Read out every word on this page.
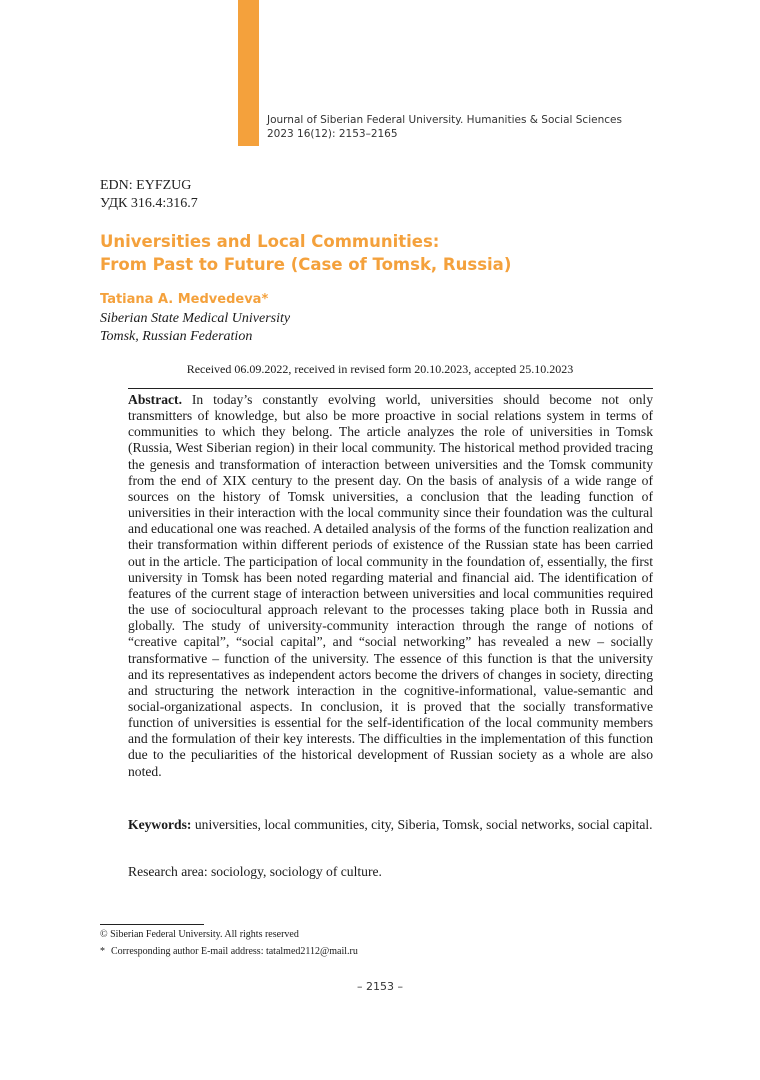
Journal of Siberian Federal University. Humanities & Social Sciences
2023 16(12): 2153–2165
EDN: EYFZUG
УДК 316.4:316.7
Universities and Local Communities:
From Past to Future (Case of Tomsk, Russia)
Tatiana A. Medvedeva*
Siberian State Medical University
Tomsk, Russian Federation
Received 06.09.2022, received in revised form 20.10.2023, accepted 25.10.2023

Abstract. In today’s constantly evolving world, universities should become not only transmitters of knowledge, but also be more proactive in social relations system in terms of communities to which they belong. The article analyzes the role of universities in Tomsk (Russia, West Siberian region) in their local community. The historical method provided tracing the genesis and transformation of interaction between universities and the Tomsk community from the end of XIX century to the present day. On the basis of analysis of a wide range of sources on the history of Tomsk universities, a conclusion that the leading function of universities in their interaction with the local community since their foundation was the cultural and educational one was reached. A detailed analysis of the forms of the function realization and their transformation within different periods of existence of the Russian state has been carried out in the article. The participation of local community in the foundation of, essentially, the first university in Tomsk has been noted regarding material and financial aid. The identification of features of the current stage of interaction between universities and local communities required the use of sociocultural approach relevant to the processes taking place both in Russia and globally. The study of university-community interaction through the range of notions of “creative capital”, “social capital”, and “social networking” has revealed a new – socially transformative – function of the university. The essence of this function is that the university and its representatives as independent actors become the drivers of changes in society, directing and structuring the network interaction in the cognitive-informational, value-semantic and social-organizational aspects. In conclusion, it is proved that the socially transformative function of universities is essential for the self-identification of the local community members and the formulation of their key interests. The difficulties in the implementation of this function due to the peculiarities of the historical development of Russian society as a whole are also noted.

Keywords: universities, local communities, city, Siberia, Tomsk, social networks, social capital.

Research area: sociology, sociology of culture.
© Siberian Federal University. All rights reserved
* Corresponding author E-mail address: tatalmed2112@mail.ru
– 2153 –
